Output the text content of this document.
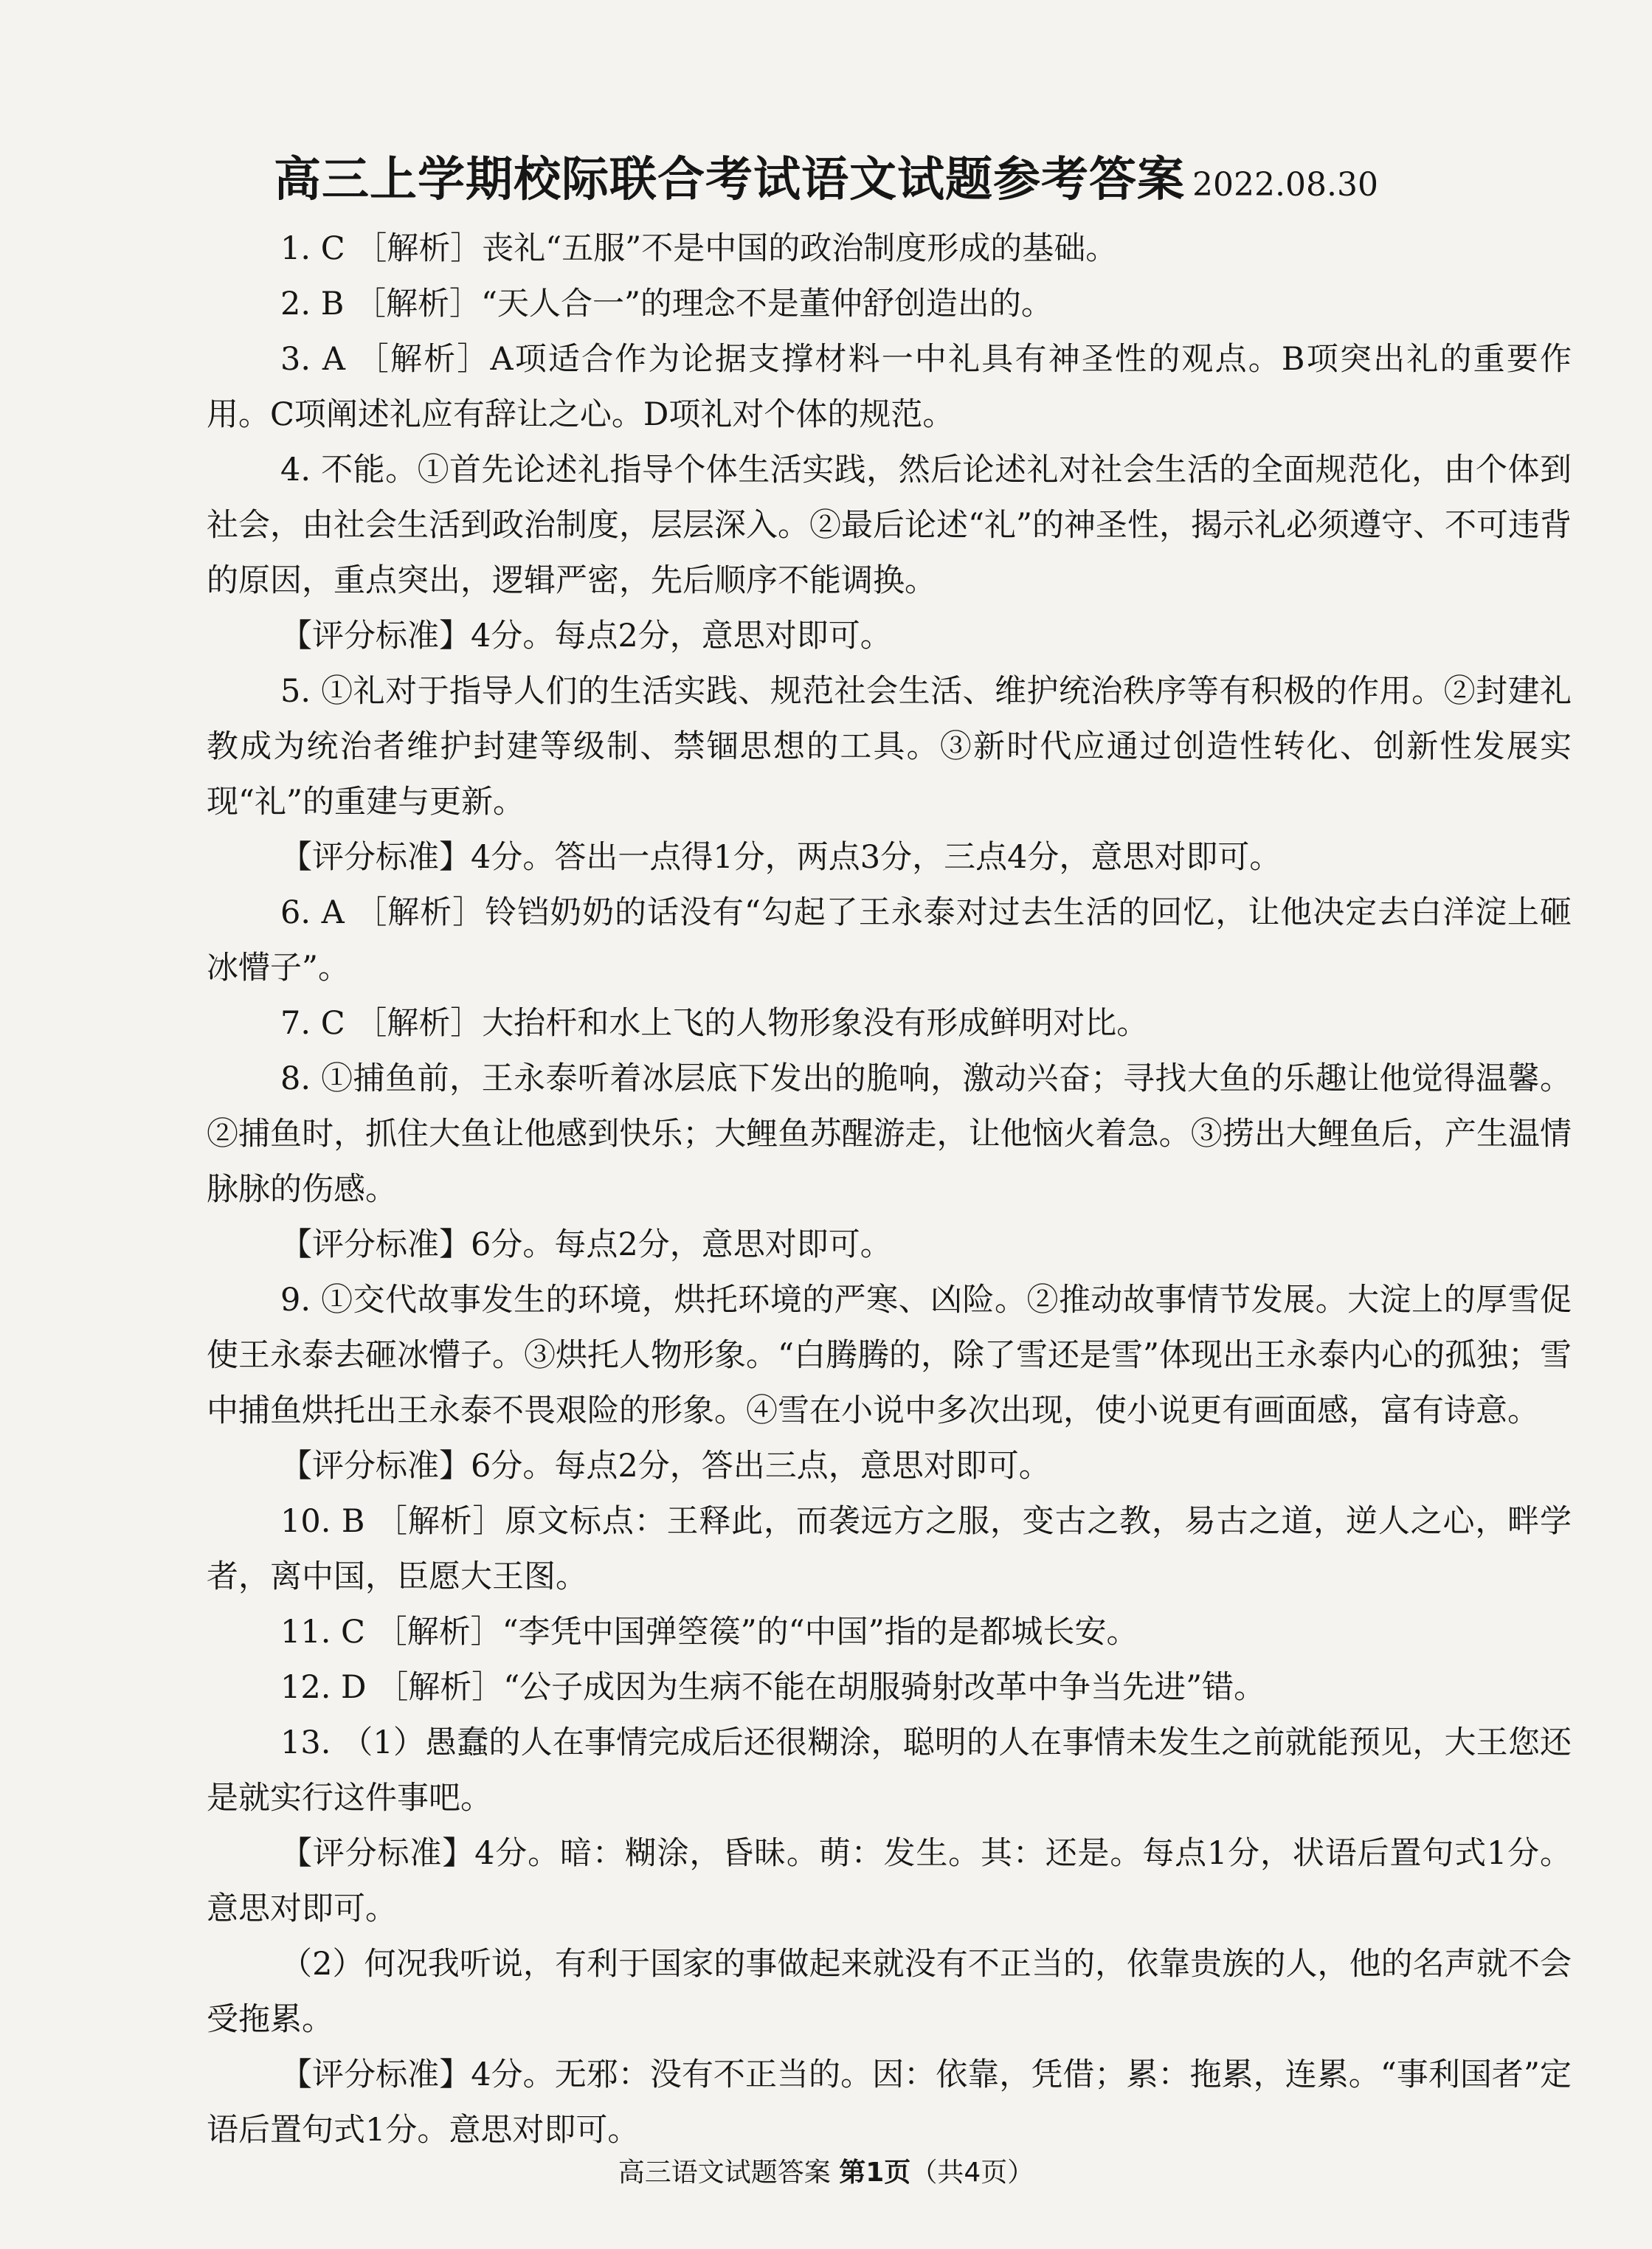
高三上学期校际联合考试语文试题参考答案 2022.08.30

1. C ［解析］丧礼“五服”不是中国的政治制度形成的基础。

2. B ［解析］“天人合一”的理念不是董仲舒创造出的。

3. A ［解析］A项适合作为论据支撑材料一中礼具有神圣性的观点。B项突出礼的重要作用。C项阐述礼应有辞让之心。D项礼对个体的规范。

4. 不能。①首先论述礼指导个体生活实践，然后论述礼对社会生活的全面规范化，由个体到社会，由社会生活到政治制度，层层深入。②最后论述“礼”的神圣性，揭示礼必须遵守、不可违背的原因，重点突出，逻辑严密，先后顺序不能调换。

【评分标准】4分。每点2分，意思对即可。

5. ①礼对于指导人们的生活实践、规范社会生活、维护统治秩序等有积极的作用。②封建礼教成为统治者维护封建等级制、禁锢思想的工具。③新时代应通过创造性转化、创新性发展实现“礼”的重建与更新。

【评分标准】4分。答出一点得1分，两点3分，三点4分，意思对即可。

6. A ［解析］铃铛奶奶的话没有“勾起了王永泰对过去生活的回忆，让他决定去白洋淀上砸冰懵子”。

7. C ［解析］大抬杆和水上飞的人物形象没有形成鲜明对比。

8. ①捕鱼前，王永泰听着冰层底下发出的脆响，激动兴奋；寻找大鱼的乐趣让他觉得温馨。②捕鱼时，抓住大鱼让他感到快乐；大鲤鱼苏醒游走，让他恼火着急。③捞出大鲤鱼后，产生温情脉脉的伤感。

【评分标准】6分。每点2分，意思对即可。

9. ①交代故事发生的环境，烘托环境的严寒、凶险。②推动故事情节发展。大淀上的厚雪促使王永泰去砸冰懵子。③烘托人物形象。“白腾腾的，除了雪还是雪”体现出王永泰内心的孤独；雪中捕鱼烘托出王永泰不畏艰险的形象。④雪在小说中多次出现，使小说更有画面感，富有诗意。

【评分标准】6分。每点2分，答出三点，意思对即可。

10. B ［解析］原文标点：王释此，而袭远方之服，变古之教，易古之道，逆人之心，畔学者，离中国，臣愿大王图。

11. C ［解析］“李凭中国弹箜篌”的“中国”指的是都城长安。

12. D ［解析］“公子成因为生病不能在胡服骑射改革中争当先进”错。

13. （1）愚蠢的人在事情完成后还很糊涂，聪明的人在事情未发生之前就能预见，大王您还是就实行这件事吧。

【评分标准】4分。暗：糊涂，昏昧。萌：发生。其：还是。每点1分，状语后置句式1分。意思对即可。

（2）何况我听说，有利于国家的事做起来就没有不正当的，依靠贵族的人，他的名声就不会受拖累。

【评分标准】4分。无邪：没有不正当的。因：依靠，凭借；累：拖累，连累。“事利国者”定语后置句式1分。意思对即可。

高三语文试题答案 第1页（共4页）
